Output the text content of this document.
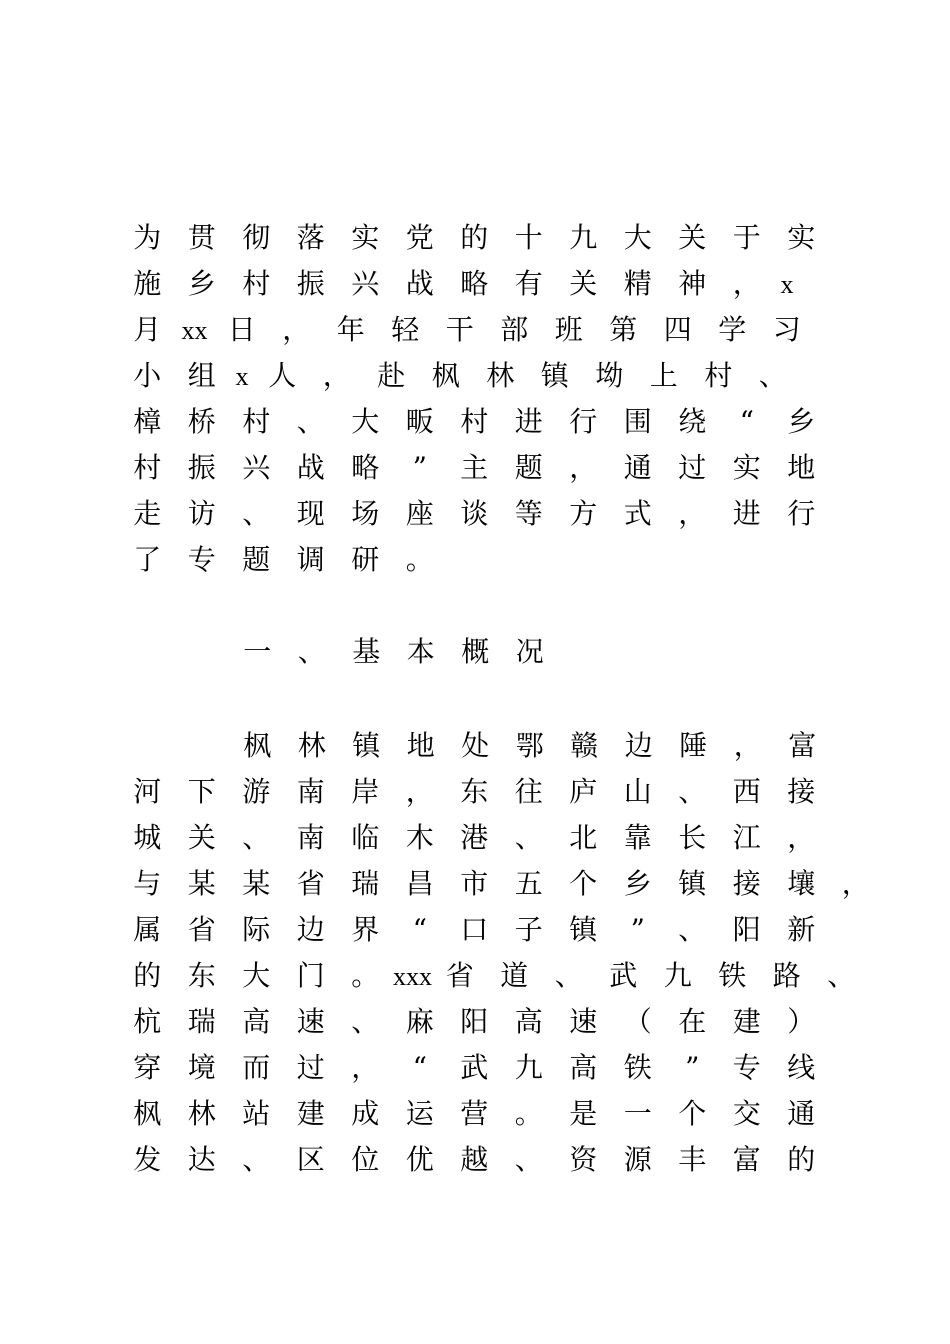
为 贯 彻 落 实 党 的 十 九 大 关 于 实
施 乡 村 振 兴 战 略 有 关 精 神 ， x
月 xx 日 ， 年 轻 干 部 班 第 四 学 习
小 组 x 人 ， 赴 枫 林 镇 坳 上 村 、
樟 桥 村 、 大 畈 村 进 行 围 绕 “ 乡
村 振 兴 战 略 ” 主 题 ， 通 过 实 地
走 访 、 现 场 座 谈 等 方 式 ， 进 行
了 专 题 调 研 。
一 、 基 本 概 况
枫 林 镇 地 处 鄂 赣 边 陲 ， 富
河 下 游 南 岸 ， 东 往 庐 山 、 西 接
城 关 、 南 临 木 港 、 北 靠 长 江 ，
与 某 某 省 瑞 昌 市 五 个 乡 镇 接 壤 ，
属 省 际 边 界 “ 口 子 镇 ” 、 阳 新
的 东 大 门 。 xxx 省 道 、 武 九 铁 路 、
杭 瑞 高 速 、 麻 阳 高 速 （ 在 建 ）
穿 境 而 过 ， “ 武 九 高 铁 ” 专 线
枫 林 站 建 成 运 营 。 是 一 个 交 通
发 达 、 区 位 优 越 、 资 源 丰 富 的
